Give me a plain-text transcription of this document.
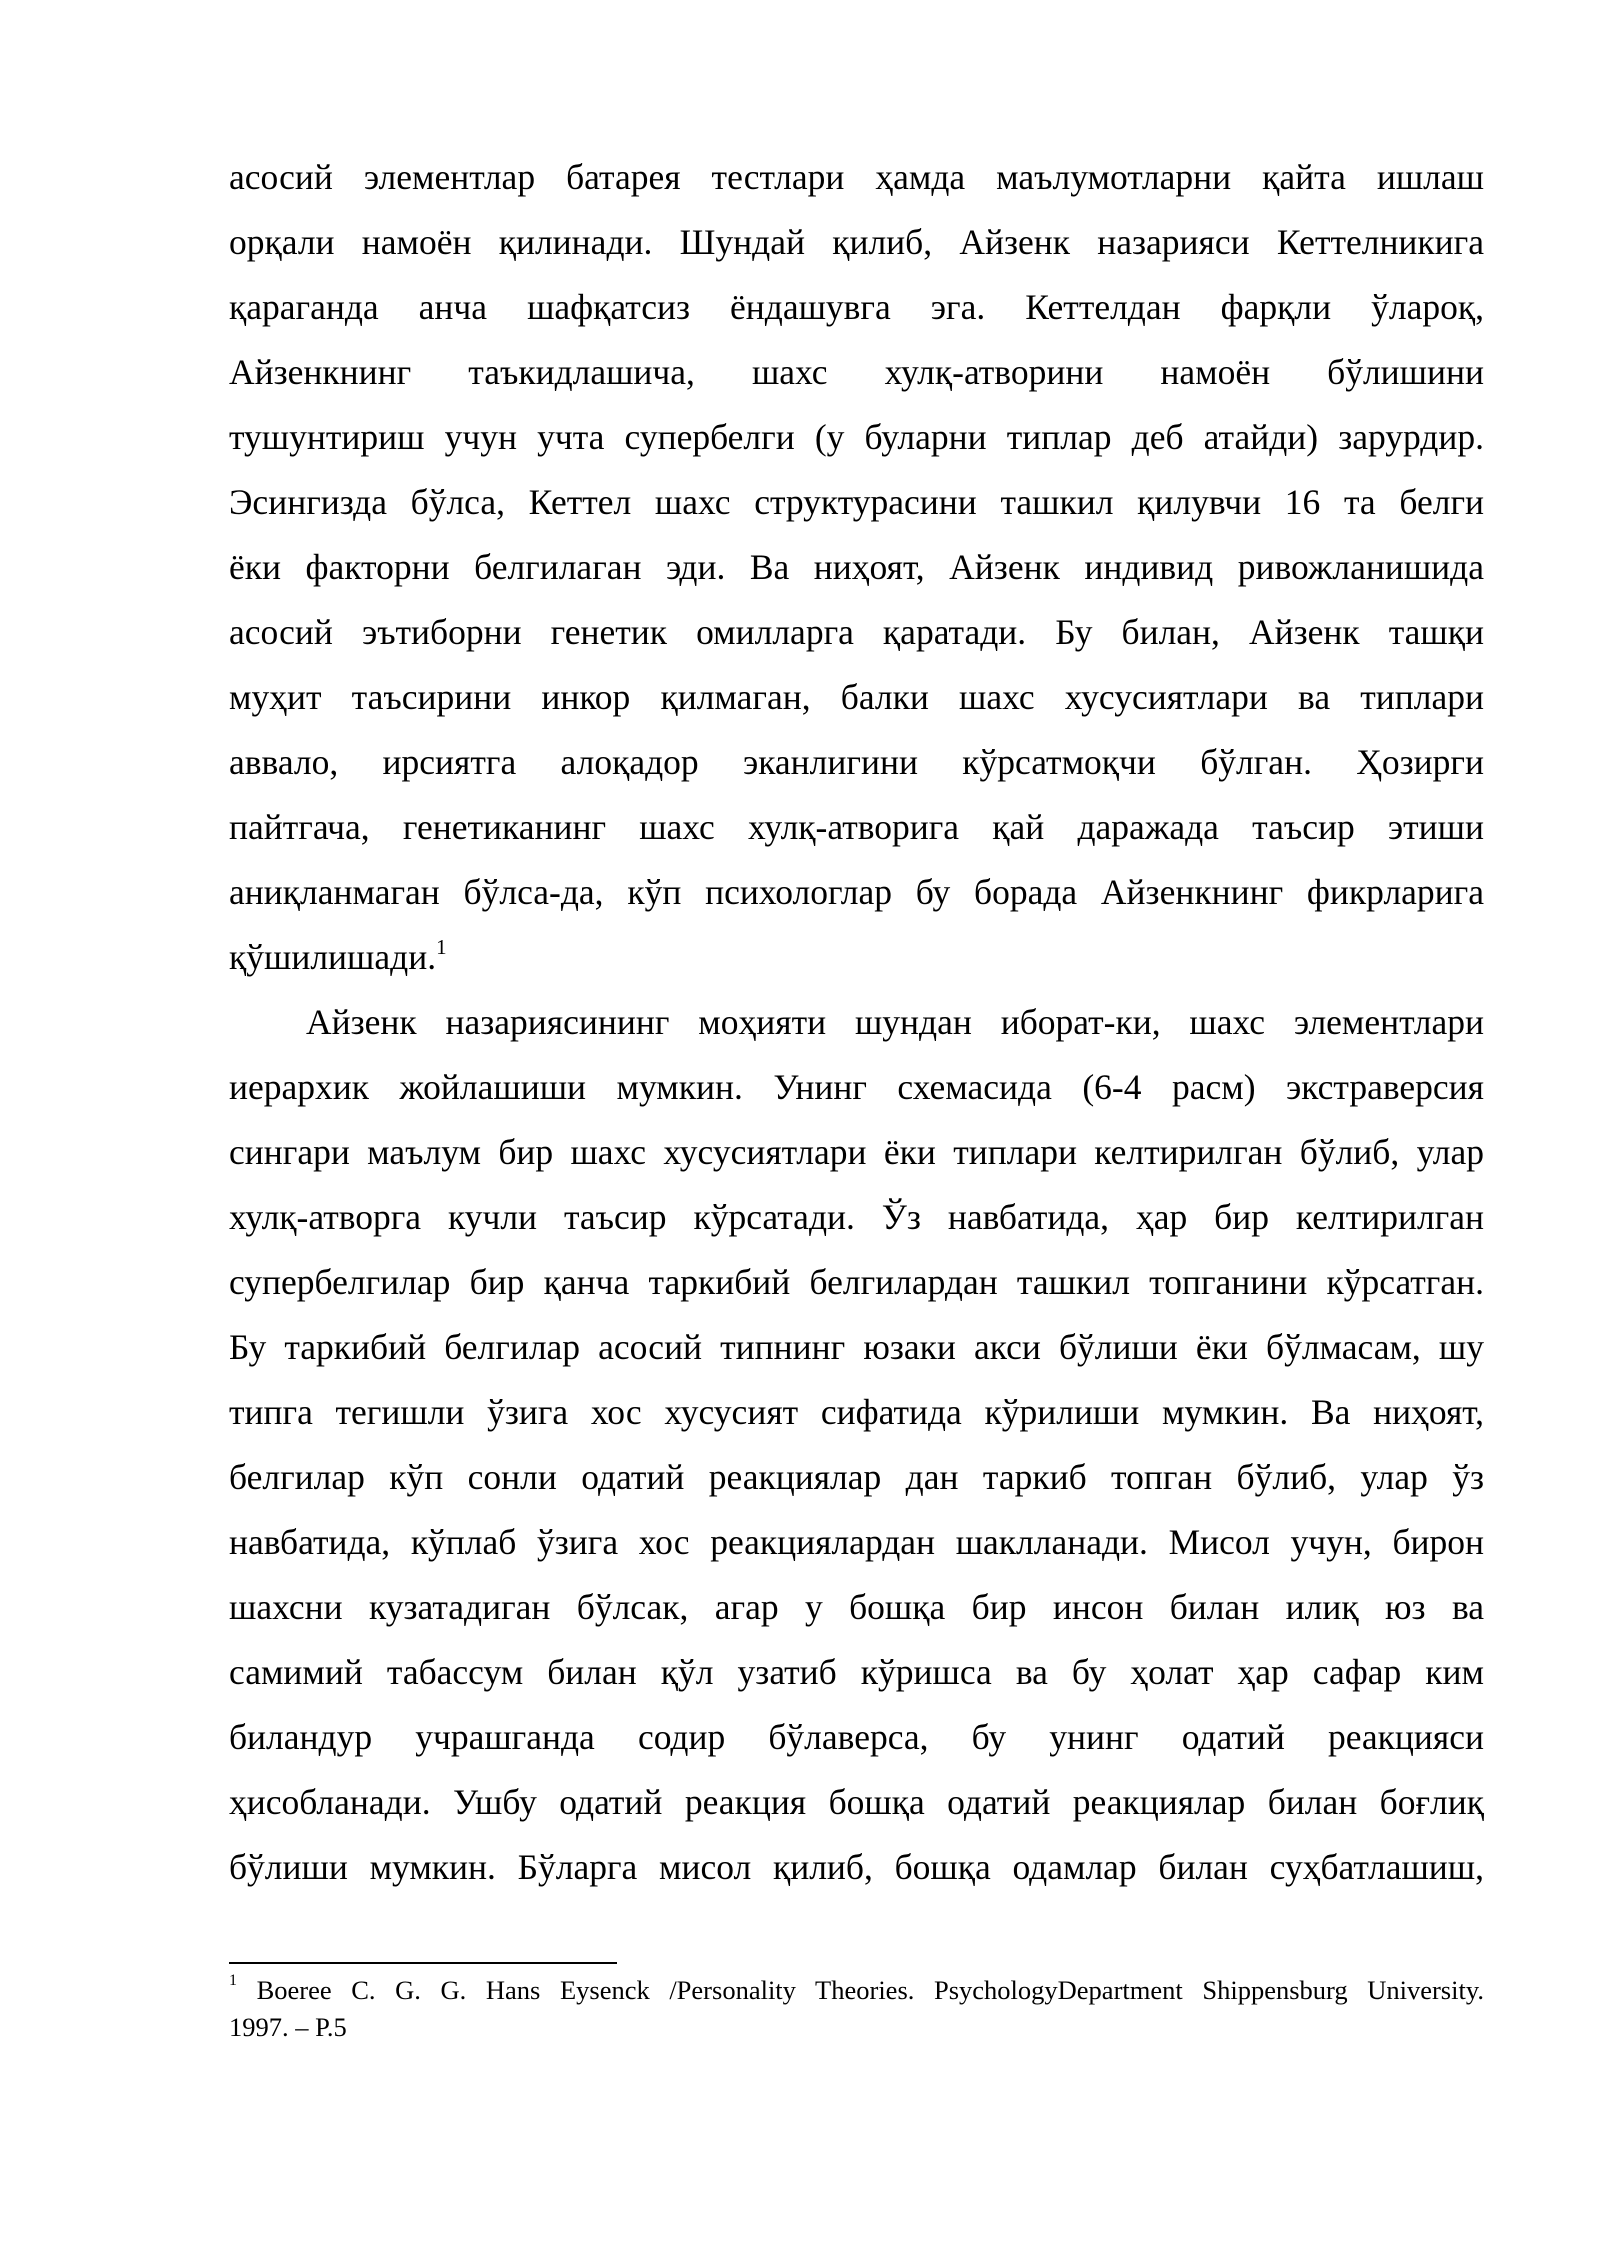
асосий элементлар батарея тестлари ҳамда маълумотларни қайта ишлаш
орқали намоён қилинади. Шундай қилиб, Айзенк назарияси Кеттелникига
қараганда анча шафқатсиз ёндашувга эга. Кеттелдан фарқли ўлароқ,
Айзенкнинг таъкидлашича, шахс хулқ-атворини намоён бўлишини
тушунтириш учун учта супербелги (у буларни типлар деб атайди) зарурдир.
Эсингизда бўлса, Кеттел шахс структурасини ташкил қилувчи 16 та белги
ёки факторни белгилаган эди. Ва ниҳоят, Айзенк индивид ривожланишида
асосий эътиборни генетик омилларга қаратади. Бу билан, Айзенк ташқи
муҳит таъсирини инкор қилмаган, балки шахс хусусиятлари ва типлари
аввало, ирсиятга алоқадор эканлигини кўрсатмоқчи бўлган. Ҳозирги
пайтгача, генетиканинг шахс хулқ-атворига қай даражада таъсир этиши
аниқланмаган бўлса-да, кўп психологлар бу борада Айзенкнинг фикрларига
қўшилишади.$^1$
Айзенк назариясининг моҳияти шундан иборат-ки, шахс элементлари
иерархик жойлашиши мумкин. Унинг схемасида (6-4 расм) экстраверсия
сингари маълум бир шахс хусусиятлари ёки типлари келтирилган бўлиб, улар
хулқ-атворга кучли таъсир кўрсатади. Ўз навбатида, ҳар бир келтирилган
супербелгилар бир қанча таркибий белгилардан ташкил топганини кўрсатган.
Бу таркибий белгилар асосий типнинг юзаки акси бўлиши ёки бўлмасам, шу
типга тегишли ўзига хос хусусият сифатида кўрилиши мумкин. Ва ниҳоят,
белгилар кўп сонли одатий реакциялар дан таркиб топган бўлиб, улар ўз
навбатида, кўплаб ўзига хос реакциялардан шаклланади. Мисол учун, бирон
шахсни кузатадиган бўлсак, агар у бошқа бир инсон билан илиқ юз ва
самимий табассум билан қўл узатиб кўришса ва бу ҳолат ҳар сафар ким
биландур учрашганда содир бўлаверса, бу унинг одатий реакцияси
ҳисобланади. Ушбу одатий реакция бошқа одатий реакциялар билан боғлиқ
бўлиши мумкин. Бўларга мисол қилиб, бошқа одамлар билан суҳбатлашиш,
$^1$ Boeree C. G. G. Hans Eysenck /Personality Theories. PsychologyDepartment Shippensburg University.
1997. – P.5
